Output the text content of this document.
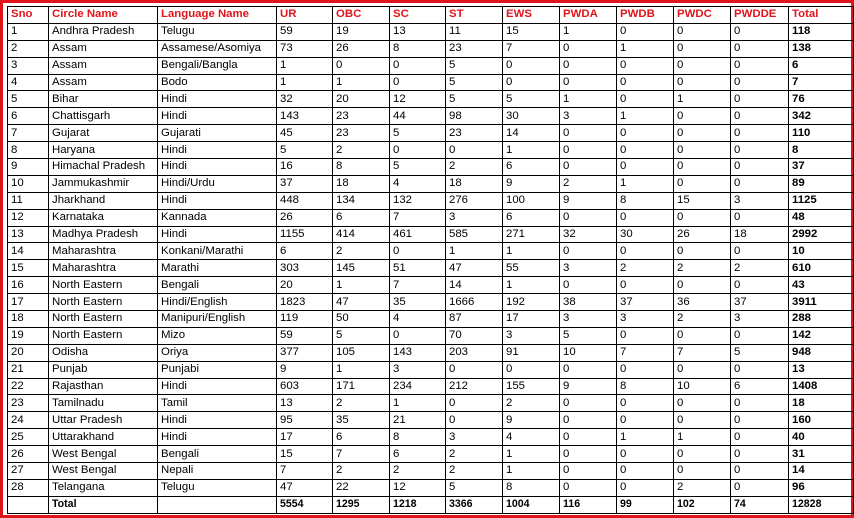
Sno	Circle Name	Language Name	UR	OBC	SC	ST	EWS	PWDA	PWDB	PWDC	PWDDE	Total
1	Andhra Pradesh	Telugu	59	19	13	11	15	1	0	0	0	118
2	Assam	Assamese/Asomiya	73	26	8	23	7	0	1	0	0	138
3	Assam	Bengali/Bangla	1	0	0	5	0	0	0	0	0	6
4	Assam	Bodo	1	1	0	5	0	0	0	0	0	7
5	Bihar	Hindi	32	20	12	5	5	1	0	1	0	76
6	Chattisgarh	Hindi	143	23	44	98	30	3	1	0	0	342
7	Gujarat	Gujarati	45	23	5	23	14	0	0	0	0	110
8	Haryana	Hindi	5	2	0	0	1	0	0	0	0	8
9	Himachal Pradesh	Hindi	16	8	5	2	6	0	0	0	0	37
10	Jammukashmir	Hindi/Urdu	37	18	4	18	9	2	1	0	0	89
11	Jharkhand	Hindi	448	134	132	276	100	9	8	15	3	1125
12	Karnataka	Kannada	26	6	7	3	6	0	0	0	0	48
13	Madhya Pradesh	Hindi	1155	414	461	585	271	32	30	26	18	2992
14	Maharashtra	Konkani/Marathi	6	2	0	1	1	0	0	0	0	10
15	Maharashtra	Marathi	303	145	51	47	55	3	2	2	2	610
16	North Eastern	Bengali	20	1	7	14	1	0	0	0	0	43
17	North Eastern	Hindi/English	1823	47	35	1666	192	38	37	36	37	3911
18	North Eastern	Manipuri/English	119	50	4	87	17	3	3	2	3	288
19	North Eastern	Mizo	59	5	0	70	3	5	0	0	0	142
20	Odisha	Oriya	377	105	143	203	91	10	7	7	5	948
21	Punjab	Punjabi	9	1	3	0	0	0	0	0	0	13
22	Rajasthan	Hindi	603	171	234	212	155	9	8	10	6	1408
23	Tamilnadu	Tamil	13	2	1	0	2	0	0	0	0	18
24	Uttar Pradesh	Hindi	95	35	21	0	9	0	0	0	0	160
25	Uttarakhand	Hindi	17	6	8	3	4	0	1	1	0	40
26	West Bengal	Bengali	15	7	6	2	1	0	0	0	0	31
27	West Bengal	Nepali	7	2	2	2	1	0	0	0	0	14
28	Telangana	Telugu	47	22	12	5	8	0	0	2	0	96
	Total		5554	1295	1218	3366	1004	116	99	102	74	12828
